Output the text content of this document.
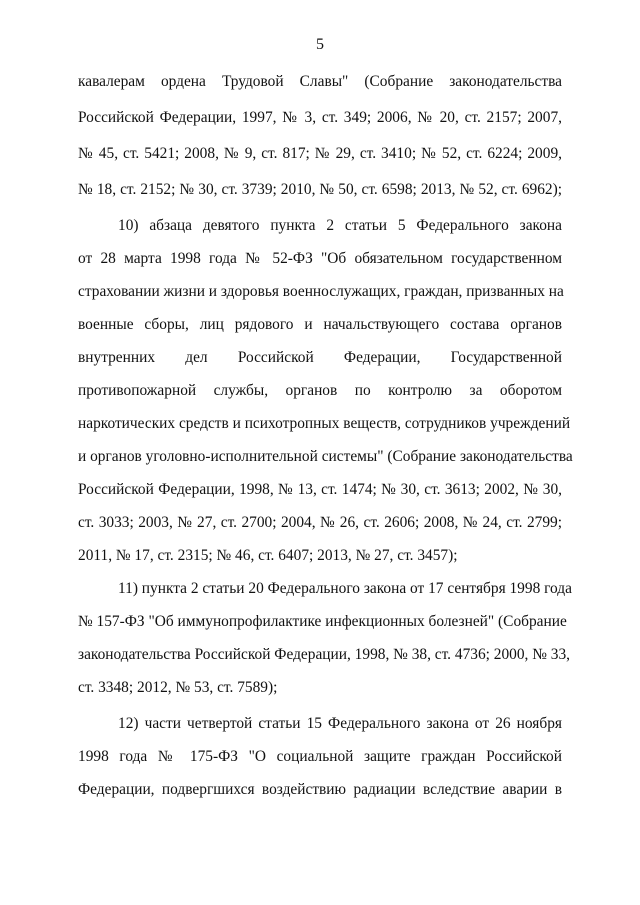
5
кавалерам ордена Трудовой Славы" (Собрание законодательства
Российской Федерации, 1997, № 3, ст. 349; 2006, № 20, ст. 2157; 2007,
№ 45, ст. 5421; 2008, № 9, ст. 817; № 29, ст. 3410; № 52, ст. 6224; 2009,
№ 18, ст. 2152; № 30, ст. 3739; 2010, № 50, ст. 6598; 2013, № 52, ст. 6962);
10) абзаца девятого пункта 2 статьи 5 Федерального закона
от 28 марта 1998 года № 52-ФЗ "Об обязательном государственном
страховании жизни и здоровья военнослужащих, граждан, призванных на
военные сборы, лиц рядового и начальствующего состава органов
внутренних дел Российской Федерации, Государственной
противопожарной службы, органов по контролю за оборотом
наркотических средств и психотропных веществ, сотрудников учреждений
и органов уголовно-исполнительной системы" (Собрание законодательства
Российской Федерации, 1998, № 13, ст. 1474; № 30, ст. 3613; 2002, № 30,
ст. 3033; 2003, № 27, ст. 2700; 2004, № 26, ст. 2606; 2008, № 24, ст. 2799;
2011, № 17, ст. 2315; № 46, ст. 6407; 2013, № 27, ст. 3457);
11) пункта 2 статьи 20 Федерального закона от 17 сентября 1998 года
№ 157-ФЗ "Об иммунопрофилактике инфекционных болезней" (Собрание
законодательства Российской Федерации, 1998, № 38, ст. 4736; 2000, № 33,
ст. 3348; 2012, № 53, ст. 7589);
12) части четвертой статьи 15 Федерального закона от 26 ноября
1998 года № 175-ФЗ "О социальной защите граждан Российской
Федерации, подвергшихся воздействию радиации вследствие аварии в
